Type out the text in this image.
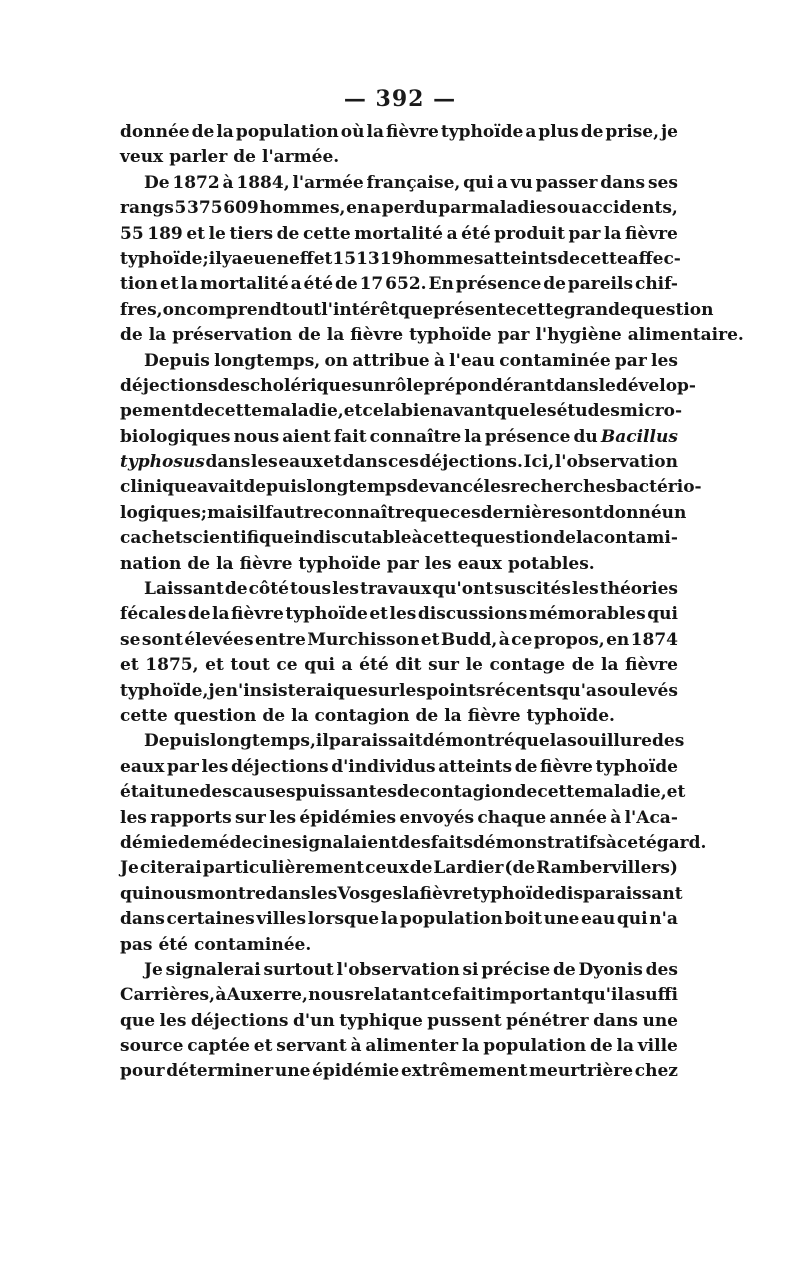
— 392 —
donnée de la population où la fièvre typhoïde a plus de prise, je
veux parler de l'armée.
De 1872 à 1884, l'armée française, qui a vu passer dans ses
rangs 5 375 609 hommes, en a perdu par maladies ou accidents,
55 189 et le tiers de cette mortalité a été produit par la fièvre
typhoïde; il y a eu en effet 151 319 hommes atteints de cette affec-
tion et la mortalité a été de 17 652. En présence de pareils chif-
fres, on comprend tout l'intérêt que présente cette grande question
de la préservation de la fièvre typhoïde par l'hygiène alimentaire.
Depuis longtemps, on attribue à l'eau contaminée par les
déjections des cholériques un rôle prépondérant dans le dévelop-
pement de cette maladie, et cela bien avant que les études micro-
biologiques nous aient fait connaître la présence du Bacillus
typhosus dans les eaux et dans ces déjections. Ici, l'observation
clinique avait depuis longtemps devancé les recherches bactério-
logiques; mais il faut reconnaître que ces dernières ont donné un
cachet scientifique indiscutable à cette question de la contami-
nation de la fièvre typhoïde par les eaux potables.
Laissant de côté tous les travaux qu'ont suscités les théories
fécales de la fièvre typhoïde et les discussions mémorables qui
se sont élevées entre Murchisson et Budd, à ce propos, en 1874
et 1875, et tout ce qui a été dit sur le contage de la fièvre
typhoïde, je n'insisterai que sur les points récents qu'a soulevés
cette question de la contagion de la fièvre typhoïde.
Depuis longtemps, il paraissait démontré que la souillure des
eaux par les déjections d'individus atteints de fièvre typhoïde
était une des causes puissantes de contagion de cette maladie, et
les rapports sur les épidémies envoyés chaque année à l'Aca-
démie de médecine signalaient des faits démonstratifs à cet égard.
Je citerai particulièrement ceux de Lardier (de Rambervillers)
qui nous montre dans les Vosges la fièvre typhoïde disparaissant
dans certaines villes lorsque la population boit une eau qui n'a
pas été contaminée.
Je signalerai surtout l'observation si précise de Dyonis des
Carrières, à Auxerre, nous relatant ce fait important qu'il a suffi
que les déjections d'un typhique pussent pénétrer dans une
source captée et servant à alimenter la population de la ville
pour déterminer une épidémie extrêmement meurtrière chez
